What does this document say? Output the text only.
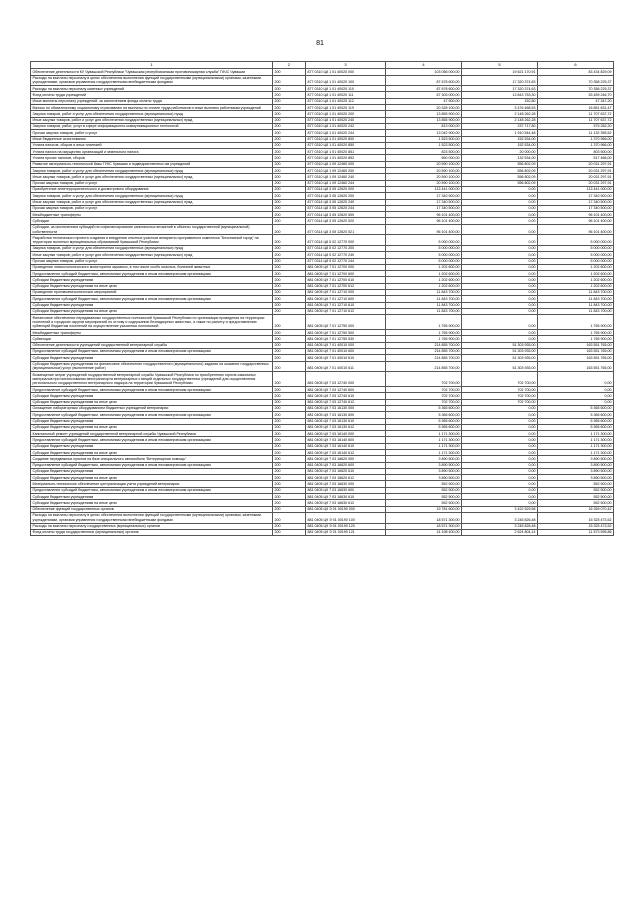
81
1	2	3	4	5	6
Обеспечение деятельности КУ Чувашской Республики "Чувашская республиканская противопожарная служба" ГКЧС Чувашии	200	877 0310 Ц8 1 01 40020 000	103 056 000,00	19 621 170,91	83 434 829,09
Расходы на выплаты персоналу в целях обеспечения выполнения функций государственными (муниципальными) органами, казенными учреждениями, органами управления государственными внебюджетными фондами	200	877 0310 Ц8 1 01 40020 100	87 678 600,00	17 320 374,63	70 358 225,37
Расходы на выплаты персоналу казенных учреждений	200	877 0310 Ц8 1 01 40020 110	87 678 600,00	17 320 374,63	70 358 225,37
Фонд оплаты труда учреждений	200	877 0310 Ц8 1 01 40020 111	67 303 000,00	13 843 753,30	53 459 246,70
Иные выплаты персоналу учреждений, за исключением фонда оплаты труда	200	877 0310 Ц8 1 01 40020 112	47 500,00	152,80	47 347,20
Взносы по обязательному социальному страхованию на выплаты по оплате труда работников и иные выплаты работникам учреждений	200	877 0310 Ц8 1 01 40020 119	20 328 100,00	3 476 468,53	16 851 631,47
Закупка товаров, работ и услуг для обеспечения государственных (муниципальных) нужд	200	877 0310 Ц8 1 01 40020 200	13 855 900,00	2 148 262,28	11 707 637,72
Иные закупки товаров, работ и услуг для обеспечения государственных (муниципальных) нужд	200	877 0310 Ц8 1 01 40020 240	13 855 900,00	2 148 262,28	11 707 637,72
Закупка товаров, работ, услуг в сфере информационно-коммуникационных технологий	200	877 0310 Ц8 1 01 40020 242	813 000,00	237 717,80	575 282,20
Прочая закупка товаров, работ и услуг	200	877 0310 Ц8 1 01 40020 244	13 042 900,00	1 910 544,48	11 132 355,52
Иные бюджетные ассигнования	200	877 0310 Ц8 1 01 40020 800	1 523 500,00	152 534,00	1 370 966,00
Уплата налогов, сборов и иных платежей	200	877 0310 Ц8 1 01 40020 850	1 523 500,00	152 534,00	1 370 966,00
Уплата налога на имущество организаций и земельного налога	200	877 0310 Ц8 1 01 40020 851	823 500,00	20 000,00	803 500,00
Уплата прочих налогов, сборов	200	877 0310 Ц8 1 01 40020 852	650 000,00	132 534,00	517 466,00
Развитие материально-технической базы ГУКС Чувашии и подведомственных им учреждений	200	877 0310 Ц8 1 09 12460 000	20 590 100,00	556 802,09	20 031 297,91
Закупка товаров, работ и услуг для обеспечения государственных (муниципальных) нужд	200	877 0310 Ц8 1 09 12460 200	20 590 100,00	556 802,09	20 031 297,91
Иные закупки товаров, работ и услуг для обеспечения государственных (муниципальных) нужд	200	877 0310 Ц8 1 09 12460 240	20 590 100,00	556 802,09	20 031 297,91
Прочая закупка товаров, работ и услуг	200	877 0310 Ц8 1 09 12460 244	20 590 100,00	556 802,09	20 031 297,91
Приобретение антитеррористического и досмотрового оборудования	200	877 0314 Ц8 3 05 12620 000	113 441 000,00	0,00	113 441 000,00
Закупка товаров, работ и услуг для обеспечения государственных (муниципальных) нужд	200	877 0314 Ц8 3 05 12620 200	17 340 500,00	0,00	17 340 500,00
Иные закупки товаров, работ и услуг для обеспечения государственных (муниципальных) нужд	200	877 0314 Ц8 3 05 12620 240	17 340 500,00	0,00	17 340 500,00
Прочая закупка товаров, работ и услуг	200	877 0314 Ц8 3 05 12620 244	17 340 500,00	0,00	17 340 500,00
Межбюджетные трансферты	200	877 0314 Ц8 3 05 12620 500	96 101 400,00	0,00	96 101 400,00
Субсидии	200	877 0314 Ц8 3 05 12620 520	96 101 400,00	0,00	96 101 400,00
Субсидии, за исключением субсидий на софинансирование капитальных вложений в объекты государственной (муниципальной) собственности	200	877 0314 Ц8 3 05 12620 521	96 101 400,00	0,00	96 101 400,00
Разработка технического проекта создания и внедрения опытных участков аппаратно-программного комплекса "Безопасный город" на территории пилотных муниципальных образований Чувашской Республики	200	877 0314 Ц8 5 02 12770 000	5 000 000,00	0,00	5 000 000,00
Закупка товаров, работ и услуг для обеспечения государственных (муниципальных) нужд	200	877 0314 Ц8 5 02 12770 200	5 000 000,00	0,00	5 000 000,00
Иные закупки товаров, работ и услуг для обеспечения государственных (муниципальных) нужд	200	877 0314 Ц8 5 02 12770 240	5 000 000,00	0,00	5 000 000,00
Прочая закупка товаров, работ и услуг	200	877 0314 Ц8 5 02 12770 244	5 000 000,00	0,00	5 000 000,00
Проведение эпизоотологического мониторинга заразных, в том числе особо опасных, болезней животных	200	881 0405 Ц9 7 01 12700 000	1 202 600,00	0,00	1 202 600,00
Предоставление субсидий бюджетным, автономным учреждениям и иным некоммерческим организациям	200	881 0405 Ц9 7 01 12700 600	1 202 600,00	0,00	1 202 600,00
Субсидии бюджетным учреждениям	200	881 0405 Ц9 7 01 12700 610	1 202 600,00	0,00	1 202 600,00
Субсидии бюджетным учреждениям на иные цели	200	881 0405 Ц9 7 01 12700 612	1 202 600,00	0,00	1 202 600,00
Проведение противоэпизоотических мероприятий	200	881 0405 Ц9 7 01 12710 000	11 843 700,00	0,00	11 843 700,00
Предоставление субсидий бюджетным, автономным учреждениям и иным некоммерческим организациям	200	881 0405 Ц9 7 01 12710 600	11 843 700,00	0,00	11 843 700,00
Субсидии бюджетным учреждениям	200	881 0405 Ц9 7 01 12710 610	11 843 700,00	0,00	11 843 700,00
Субсидии бюджетным учреждениям на иные цели	200	881 0405 Ц9 7 01 12710 612	11 843 700,00	0,00	11 843 700,00
Финансовое обеспечение передаваемых государственных полномочий Чувашской Республики по организации проведения на территории поселений и городских округов мероприятий по отлову и содержанию безнадзорных животных, а также по расчету и предоставлению субвенций бюджетам поселений на осуществление указанных полномочий	200	881 0405 Ц9 7 01 12750 000	1 765 900,00	0,00	1 765 900,00
Межбюджетные трансферты	200	881 0405 Ц9 7 01 12750 500	1 765 900,00	0,00	1 765 900,00
Субвенции	200	881 0405 Ц9 7 01 12750 530	1 765 900,00	0,00	1 765 900,00
Обеспечение деятельности учреждений государственной ветеринарной службы	200	881 0405 Ц9 7 01 40010 000	214 855 700,00	51 303 935,00	163 551 765,00
Предоставление субсидий бюджетным, автономным учреждениям и иным некоммерческим организациям	200	881 0405 Ц9 7 01 40010 600	214 855 700,00	51 303 935,00	163 551 765,00
Субсидии бюджетным учреждениям	200	881 0405 Ц9 7 01 40010 610	214 855 700,00	51 303 935,00	163 551 765,00
Субсидии бюджетным учреждениям на финансовое обеспечение государственного (муниципального) задания на оказание государственных (муниципальных) услуг (выполнение работ)	200	881 0405 Ц9 7 01 40010 611	214 855 700,00	51 303 935,00	163 551 765,00
Возмещение затрат учреждений государственной ветеринарной службы Чувашской Республики по приобретению горюче-смазочных материалов при использовании автотранспорта ветеринарных станций отдельных государственных учреждений для осуществления регионального государственного ветеринарного надзора на территории Чувашской Республики	200	881 0405 Ц9 7 03 12740 000	702 700,00	702 700,00	0,00
Предоставление субсидий бюджетным, автономным учреждениям и иным некоммерческим организациям	200	881 0405 Ц9 7 03 12740 600	702 700,00	702 700,00	0,00
Субсидии бюджетным учреждениям	200	881 0405 Ц9 7 03 12740 610	702 700,00	702 700,00	0,00
Субсидии бюджетным учреждениям на иные цели	200	881 0405 Ц9 7 03 12740 612	702 700,00	702 700,00	0,00
Оснащение лабораторным оборудованием бюджетных учреждений ветеринарии	200	881 0405 Ц9 7 03 16130 000	5 365 600,00	0,00	5 365 600,00
Предоставление субсидий бюджетным, автономным учреждениям и иным некоммерческим организациям	200	881 0405 Ц9 7 03 16130 600	5 365 600,00	0,00	5 365 600,00
Субсидии бюджетным учреждениям	200	881 0405 Ц9 7 03 16130 610	5 365 600,00	0,00	5 365 600,00
Субсидии бюджетным учреждениям на иные цели	200	881 0405 Ц9 7 03 16130 612	5 365 600,00	0,00	5 365 600,00
Капитальный ремонт учреждений государственной ветеринарной службы Чувашской Республики	200	881 0405 Ц9 7 03 16140 000	1 171 300,00	0,00	1 171 300,00
Предоставление субсидий бюджетным, автономным учреждениям и иным некоммерческим организациям	200	881 0405 Ц9 7 03 16140 600	1 171 300,00	0,00	1 171 300,00
Субсидии бюджетным учреждениям	200	881 0405 Ц9 7 03 16140 610	1 171 300,00	0,00	1 171 300,00
Субсидии бюджетным учреждениям на иные цели	200	881 0405 Ц9 7 03 16140 612	1 171 300,00	0,00	1 171 300,00
Создание передвижных пунктов на базе специального автомобиля "Ветеринарная помощь"	200	881 0405 Ц9 7 03 16620 000	3 890 500,00	0,00	3 890 500,00
Предоставление субсидий бюджетным, автономным учреждениям и иным некоммерческим организациям	200	881 0405 Ц9 7 03 16620 600	3 890 500,00	0,00	3 890 500,00
Субсидии бюджетным учреждениям	200	881 0405 Ц9 7 03 16620 610	3 890 500,00	0,00	3 890 500,00
Субсидии бюджетным учреждениям на иные цели	200	881 0405 Ц9 7 03 16620 612	3 890 500,00	0,00	3 890 500,00
Материально-техническое обеспечение централизации учета учреждений ветеринарии	200	881 0405 Ц9 7 03 16630 000	552 500,00	0,00	552 500,00
Предоставление субсидий бюджетным, автономным учреждениям и иным некоммерческим организациям	200	881 0405 Ц9 7 03 16630 600	552 500,00	0,00	552 500,00
Субсидии бюджетным учреждениям	200	881 0405 Ц9 7 03 16630 610	552 500,00	0,00	552 500,00
Субсидии бюджетным учреждениям на иные цели	200	881 0405 Ц9 7 03 16630 612	552 500,00	0,00	552 500,00
Обеспечение функций государственных органов	200	881 0405 Ц9 Э 01 00190 000	19 781 600,00	3 422 529,58	16 359 070,42
Расходы на выплаты персоналу в целях обеспечения выполнения функций государственными (муниципальными) органами, казенными учреждениями, органами управления государственными внебюджетными фондами	200	881 0405 Ц9 Э 01 00190 100	18 571 300,00	3 245 826,48	15 325 473,52
Расходы на выплаты персоналу государственных (муниципальных) органов	200	881 0405 Ц9 Э 01 00190 120	18 571 300,00	3 245 826,48	15 325 473,52
Фонд оплаты труда государственных (муниципальных) органов	200	881 0405 Ц9 Э 01 00190 121	14 198 400,00	2 624 804,14	11 573 595,86
